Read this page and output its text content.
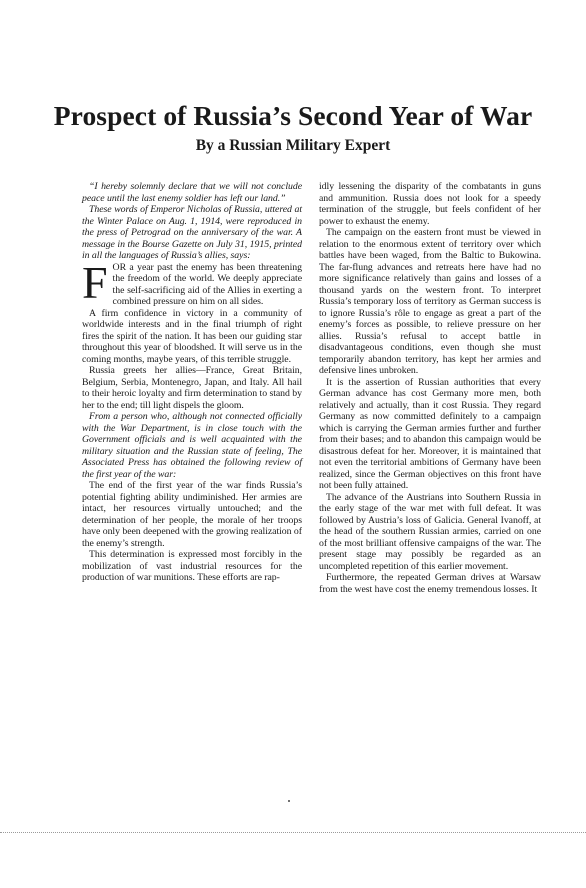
Prospect of Russia’s Second Year of War
By a Russian Military Expert

“I hereby solemnly declare that we will not conclude peace until the last enemy soldier has left our land.”

These words of Emperor Nicholas of Russia, uttered at the Winter Palace on Aug. 1, 1914, were reproduced in the press of Petrograd on the anniversary of the war. A message in the Bourse Gazette on July 31, 1915, printed in all the languages of Russia’s allies, says:

FOR a year past the enemy has been threatening the freedom of the world. We deeply appreciate the self-sacrificing aid of the Allies in exerting a combined pressure on him on all sides.

A firm confidence in victory in a community of worldwide interests and in the final triumph of right fires the spirit of the nation. It has been our guiding star throughout this year of bloodshed. It will serve us in the coming months, maybe years, of this terrible struggle.

Russia greets her allies—France, Great Britain, Belgium, Serbia, Montenegro, Japan, and Italy. All hail to their heroic loyalty and firm determination to stand by her to the end; till light dispels the gloom.

From a person who, although not connected officially with the War Department, is in close touch with the Government officials and is well acquainted with the military situation and the Russian state of feeling, The Associated Press has obtained the following review of the first year of the war:

The end of the first year of the war finds Russia’s potential fighting ability undiminished. Her armies are intact, her resources virtually untouched; and the determination of her people, the morale of her troops have only been deepened with the growing realization of the enemy’s strength.

This determination is expressed most forcibly in the mobilization of vast industrial resources for the production of war munitions. These efforts are rap-

idly lessening the disparity of the combatants in guns and ammunition. Russia does not look for a speedy termination of the struggle, but feels confident of her power to exhaust the enemy.

The campaign on the eastern front must be viewed in relation to the enormous extent of territory over which battles have been waged, from the Baltic to Bukowina. The far-flung advances and retreats here have had no more significance relatively than gains and losses of a thousand yards on the western front. To interpret Russia’s temporary loss of territory as German success is to ignore Russia’s rôle to engage as great a part of the enemy’s forces as possible, to relieve pressure on her allies. Russia’s refusal to accept battle in disadvantageous conditions, even though she must temporarily abandon territory, has kept her armies and defensive lines unbroken.

It is the assertion of Russian authorities that every German advance has cost Germany more men, both relatively and actually, than it cost Russia. They regard Germany as now committed definitely to a campaign which is carrying the German armies further and further from their bases; and to abandon this campaign would be disastrous defeat for her. Moreover, it is maintained that not even the territorial ambitions of Germany have been realized, since the German objectives on this front have not been fully attained.

The advance of the Austrians into Southern Russia in the early stage of the war met with full defeat. It was followed by Austria’s loss of Galicia. General Ivanoff, at the head of the southern Russian armies, carried on one of the most brilliant offensive campaigns of the war. The present stage may possibly be regarded as an uncompleted repetition of this earlier movement.

Furthermore, the repeated German drives at Warsaw from the west have cost the enemy tremendous losses. It
